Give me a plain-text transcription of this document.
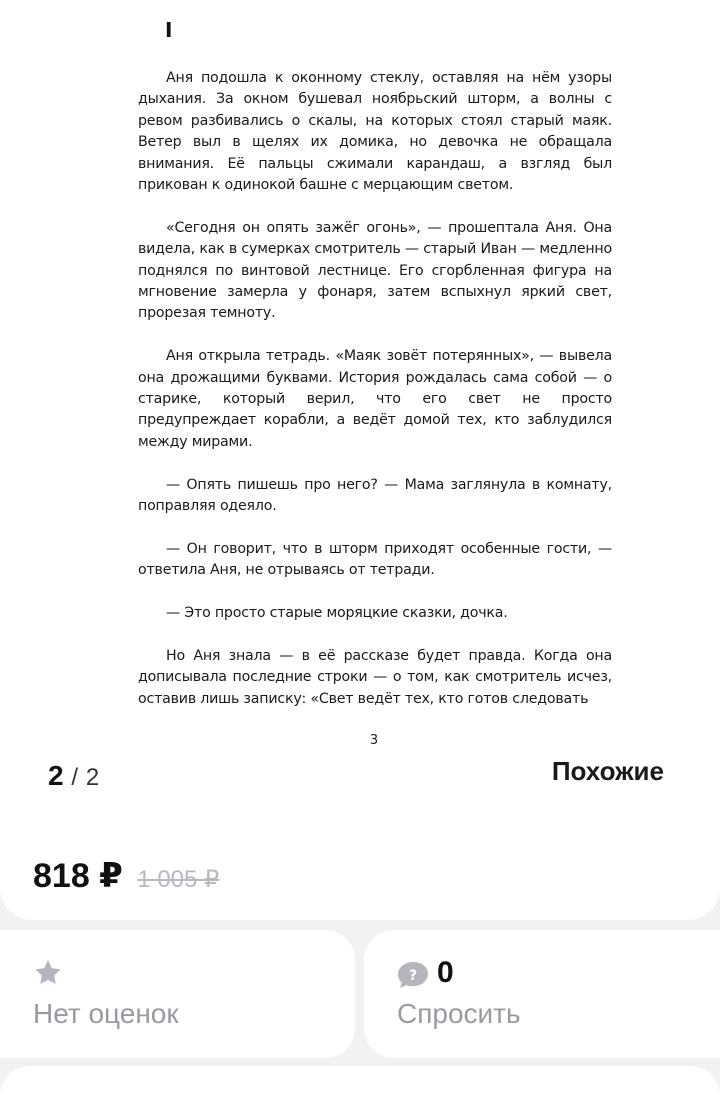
I

Аня подошла к оконному стеклу, оставляя на нём узоры дыхания. За окном бушевал ноябрьский шторм, а волны с ревом разбивались о скалы, на которых стоял старый маяк. Ветер выл в щелях их домика, но девочка не обращала внимания. Её пальцы сжимали карандаш, а взгляд был прикован к одинокой башне с мерцающим светом.

«Сегодня он опять зажёг огонь», — прошептала Аня. Она видела, как в сумерках смотритель — старый Иван — медленно поднялся по винтовой лестнице. Его сгорбленная фигура на мгновение замерла у фонаря, затем вспыхнул яркий свет, прорезая темноту.

Аня открыла тетрадь. «Маяк зовёт потерянных», — вывела она дрожащими буквами. История рождалась сама собой — о старике, который верил, что его свет не просто предупреждает корабли, а ведёт домой тех, кто заблудился между мирами.

— Опять пишешь про него? — Мама заглянула в комнату, поправляя одеяло.

— Он говорит, что в шторм приходят особенные гости, — ответила Аня, не отрываясь от тетради.

— Это просто старые моряцкие сказки, дочка.

Но Аня знала — в её рассказе будет правда. Когда она дописывала последние строки — о том, как смотритель исчез, оставив лишь записку: «Свет ведёт тех, кто готов следовать

3
2 / 2	Похожие
818 ₽ 1 005 ₽
Нет оценок
? 0
Спросить
